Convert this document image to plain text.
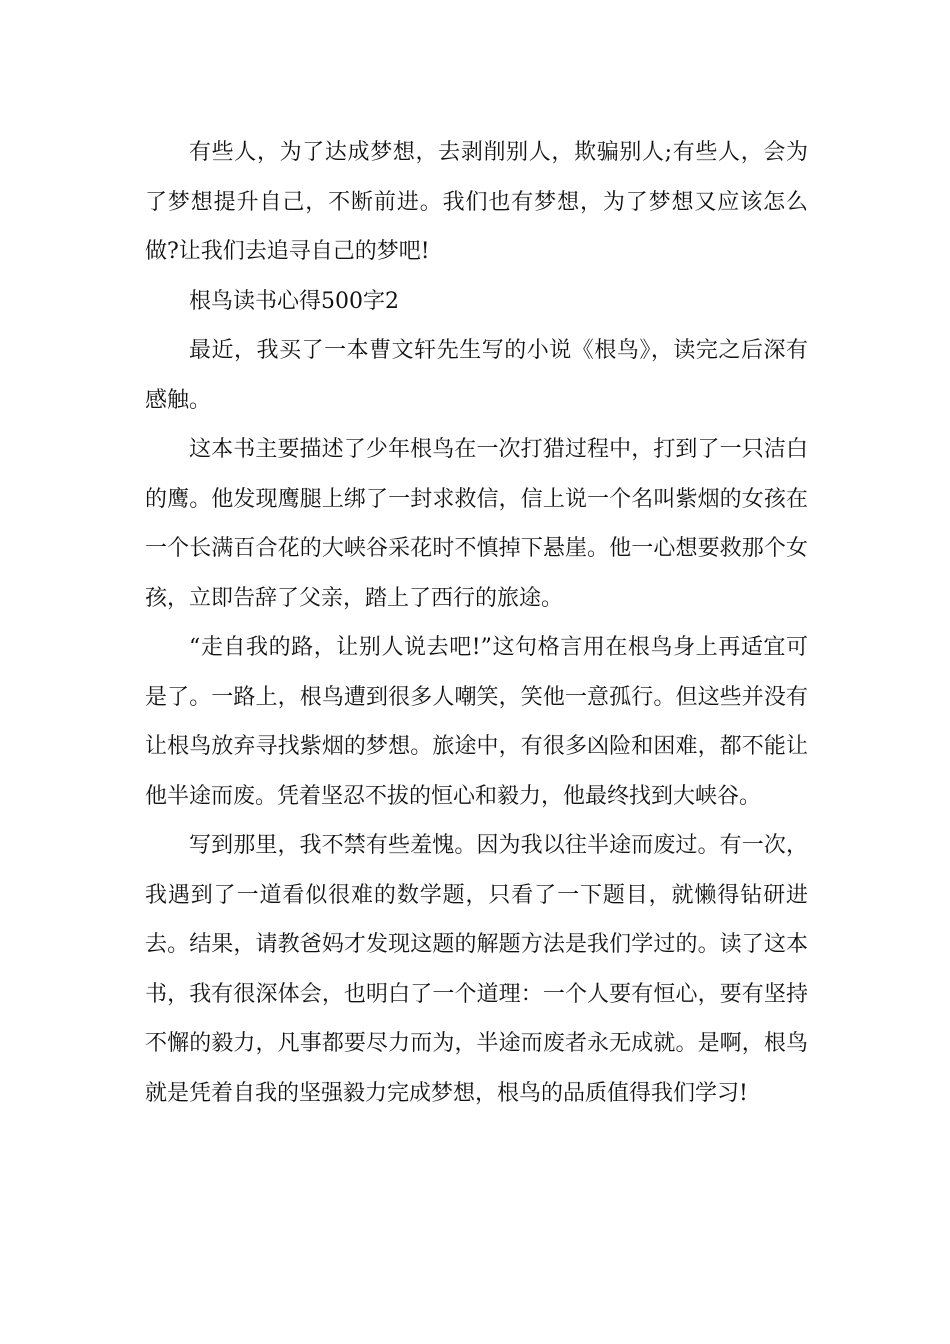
有些人，为了达成梦想，去剥削别人，欺骗别人;有些人，会为了梦想提升自己，不断前进。我们也有梦想，为了梦想又应该怎么做?让我们去追寻自己的梦吧!

根鸟读书心得500字2

最近，我买了一本曹文轩先生写的小说《根鸟》，读完之后深有感触。

这本书主要描述了少年根鸟在一次打猎过程中，打到了一只洁白的鹰。他发现鹰腿上绑了一封求救信，信上说一个名叫紫烟的女孩在一个长满百合花的大峡谷采花时不慎掉下悬崖。他一心想要救那个女孩，立即告辞了父亲，踏上了西行的旅途。

“走自我的路，让别人说去吧!”这句格言用在根鸟身上再适宜可是了。一路上，根鸟遭到很多人嘲笑，笑他一意孤行。但这些并没有让根鸟放弃寻找紫烟的梦想。旅途中，有很多凶险和困难，都不能让他半途而废。凭着坚忍不拔的恒心和毅力，他最终找到大峡谷。

写到那里，我不禁有些羞愧。因为我以往半途而废过。有一次，我遇到了一道看似很难的数学题，只看了一下题目，就懒得钻研进去。结果，请教爸妈才发现这题的解题方法是我们学过的。读了这本书，我有很深体会，也明白了一个道理：一个人要有恒心，要有坚持不懈的毅力，凡事都要尽力而为，半途而废者永无成就。是啊，根鸟就是凭着自我的坚强毅力完成梦想，根鸟的品质值得我们学习!
